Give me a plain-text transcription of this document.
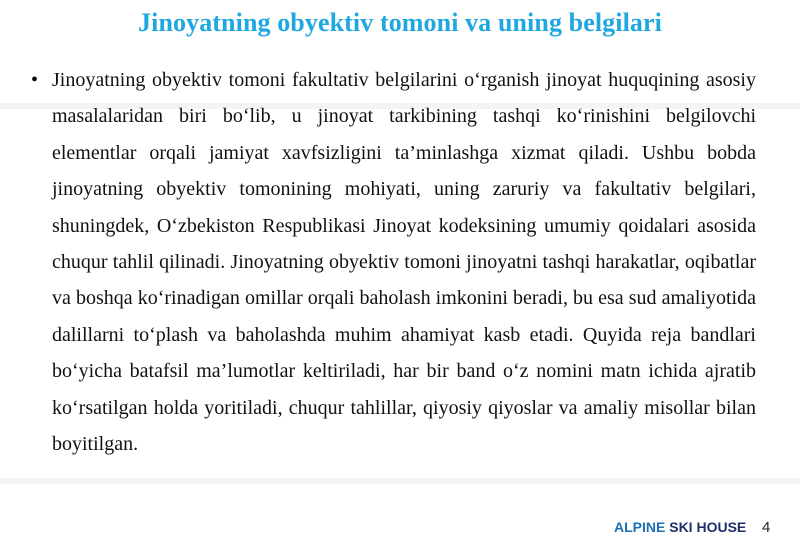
Jinoyatning obyektiv tomoni va uning belgilari
• Jinoyatning obyektiv tomoni fakultativ belgilarini o‘rganish jinoyat huquqining asosiy masalalaridan biri bo‘lib, u jinoyat tarkibining tashqi ko‘rinishini belgilovchi elementlar orqali jamiyat xavfsizligini ta’minlashga xizmat qiladi. Ushbu bobda jinoyatning obyektiv tomonining mohiyati, uning zaruriy va fakultativ belgilari, shuningdek, O‘zbekiston Respublikasi Jinoyat kodeksining umumiy qoidalari asosida chuqur tahlil qilinadi. Jinoyatning obyektiv tomoni jinoyatni tashqi harakatlar, oqibatlar va boshqa ko‘rinadigan omillar orqali baholash imkonini beradi, bu esa sud amaliyotida dalillarni to‘plash va baholashda muhim ahamiyat kasb etadi. Quyida reja bandlari bo‘yicha batafsil ma’lumotlar keltiriladi, har bir band o‘z nomini matn ichida ajratib ko‘rsatilgan holda yoritiladi, chuqur tahlillar, qiyosiy qiyoslar va amaliy misollar bilan boyitilgan.

ALPINE SKI HOUSE 4
